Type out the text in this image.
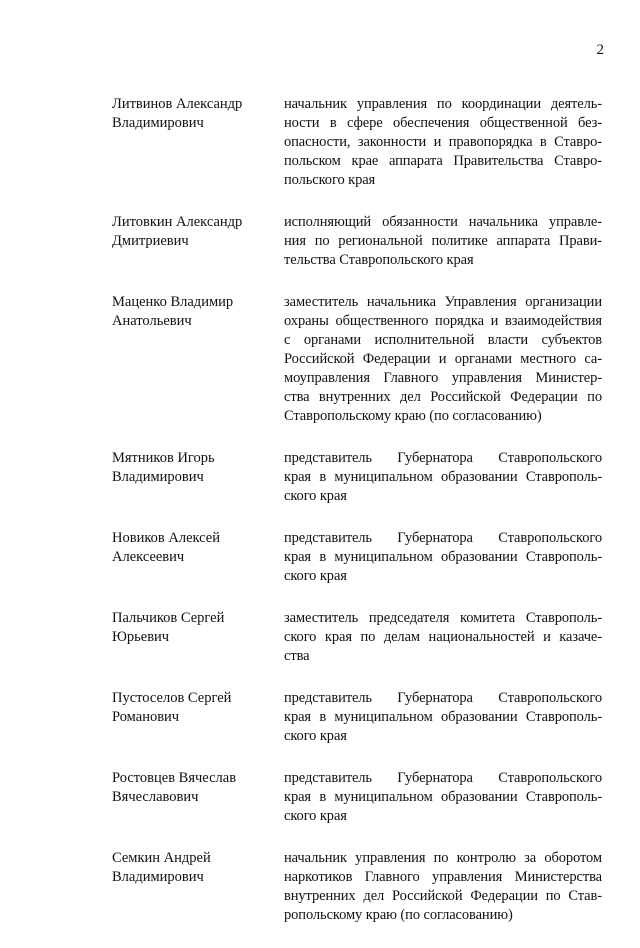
2
Литвинов Александр
Владимирович
начальник управления по координации деятель-
ности в сфере обеспечения общественной без-
опасности, законности и правопорядка в Ставро-
польском крае аппарата Правительства Ставро-
польского края
Литовкин Александр
Дмитриевич
исполняющий обязанности начальника управле-
ния по региональной политике аппарата Прави-
тельства Ставропольского края
Маценко Владимир
Анатольевич
заместитель начальника Управления организации
охраны общественного порядка и взаимодействия
с органами исполнительной власти субъектов
Российской Федерации и органами местного са-
моуправления Главного управления Министер-
ства внутренних дел Российской Федерации по
Ставропольскому краю (по согласованию)
Мятников Игорь
Владимирович
представитель Губернатора Ставропольского
края в муниципальном образовании Ставрополь-
ского края
Новиков Алексей
Алексеевич
представитель Губернатора Ставропольского
края в муниципальном образовании Ставрополь-
ского края
Пальчиков Сергей
Юрьевич
заместитель председателя комитета Ставрополь-
ского края по делам национальностей и казаче-
ства
Пустоселов Сергей
Романович
представитель Губернатора Ставропольского
края в муниципальном образовании Ставрополь-
ского края
Ростовцев Вячеслав
Вячеславович
представитель Губернатора Ставропольского
края в муниципальном образовании Ставрополь-
ского края
Семкин Андрей
Владимирович
начальник управления по контролю за оборотом
наркотиков Главного управления Министерства
внутренних дел Российской Федерации по Став-
ропольскому краю (по согласованию)
